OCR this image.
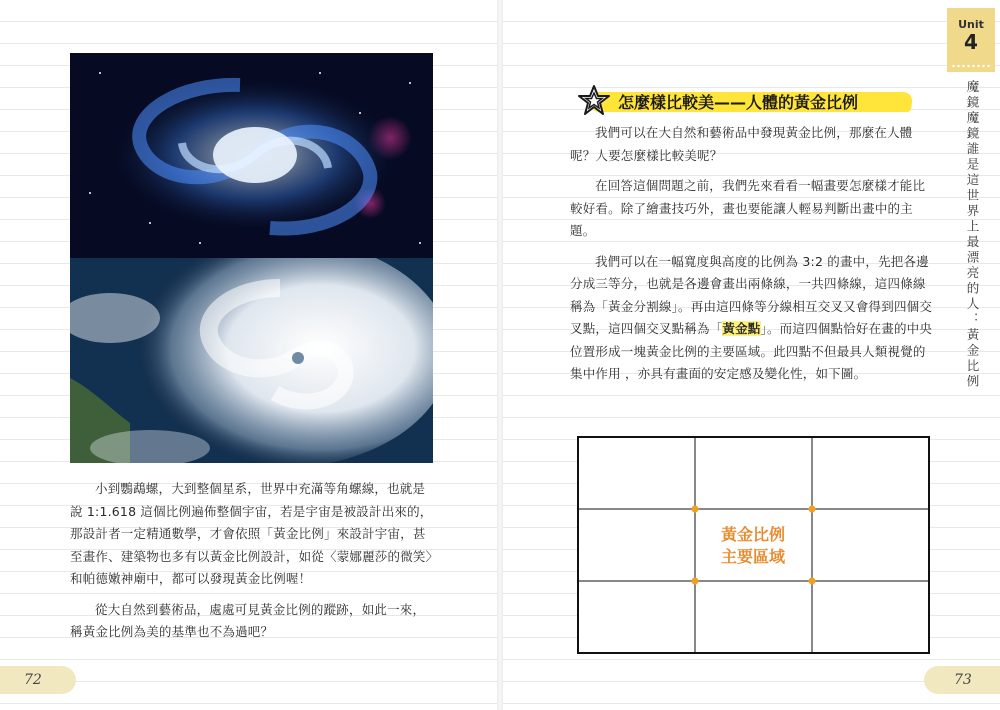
小到鸚鵡螺，大到整個星系，世界中充滿等角螺線，也就是說 1:1.618 這個比例遍佈整個宇宙，若是宇宙是被設計出來的，那設計者一定精通數學，才會依照「黃金比例」來設計宇宙，甚至畫作、建築物也多有以黃金比例設計，如從〈蒙娜麗莎的微笑〉和帕德嫩神廟中，都可以發現黃金比例喔！

從大自然到藝術品，處處可見黃金比例的蹤跡，如此一來，稱黃金比例為美的基準也不為過吧？

72
Unit
4
魔鏡魔鏡誰是這世界上最漂亮的人：黃金比例
怎麼樣比較美——人體的黃金比例

我們可以在大自然和藝術品中發現黃金比例，那麼在人體呢？人要怎麼樣比較美呢？

在回答這個問題之前，我們先來看看一幅畫要怎麼樣才能比較好看。除了繪畫技巧外，畫也要能讓人輕易判斷出畫中的主題。

我們可以在一幅寬度與高度的比例為 3:2 的畫中，先把各邊分成三等分，也就是各邊會畫出兩條線，一共四條線，這四條線稱為「黃金分割線」。再由這四條等分線相互交叉又會得到四個交叉點，這四個交叉點稱為「黃金點」。而這四個點恰好在畫的中央位置形成一塊黃金比例的主要區域。此四點不但最具人類視覺的集中作用 ，亦具有畫面的安定感及變化性，如下圖。

黃金比例
主要區域
73
